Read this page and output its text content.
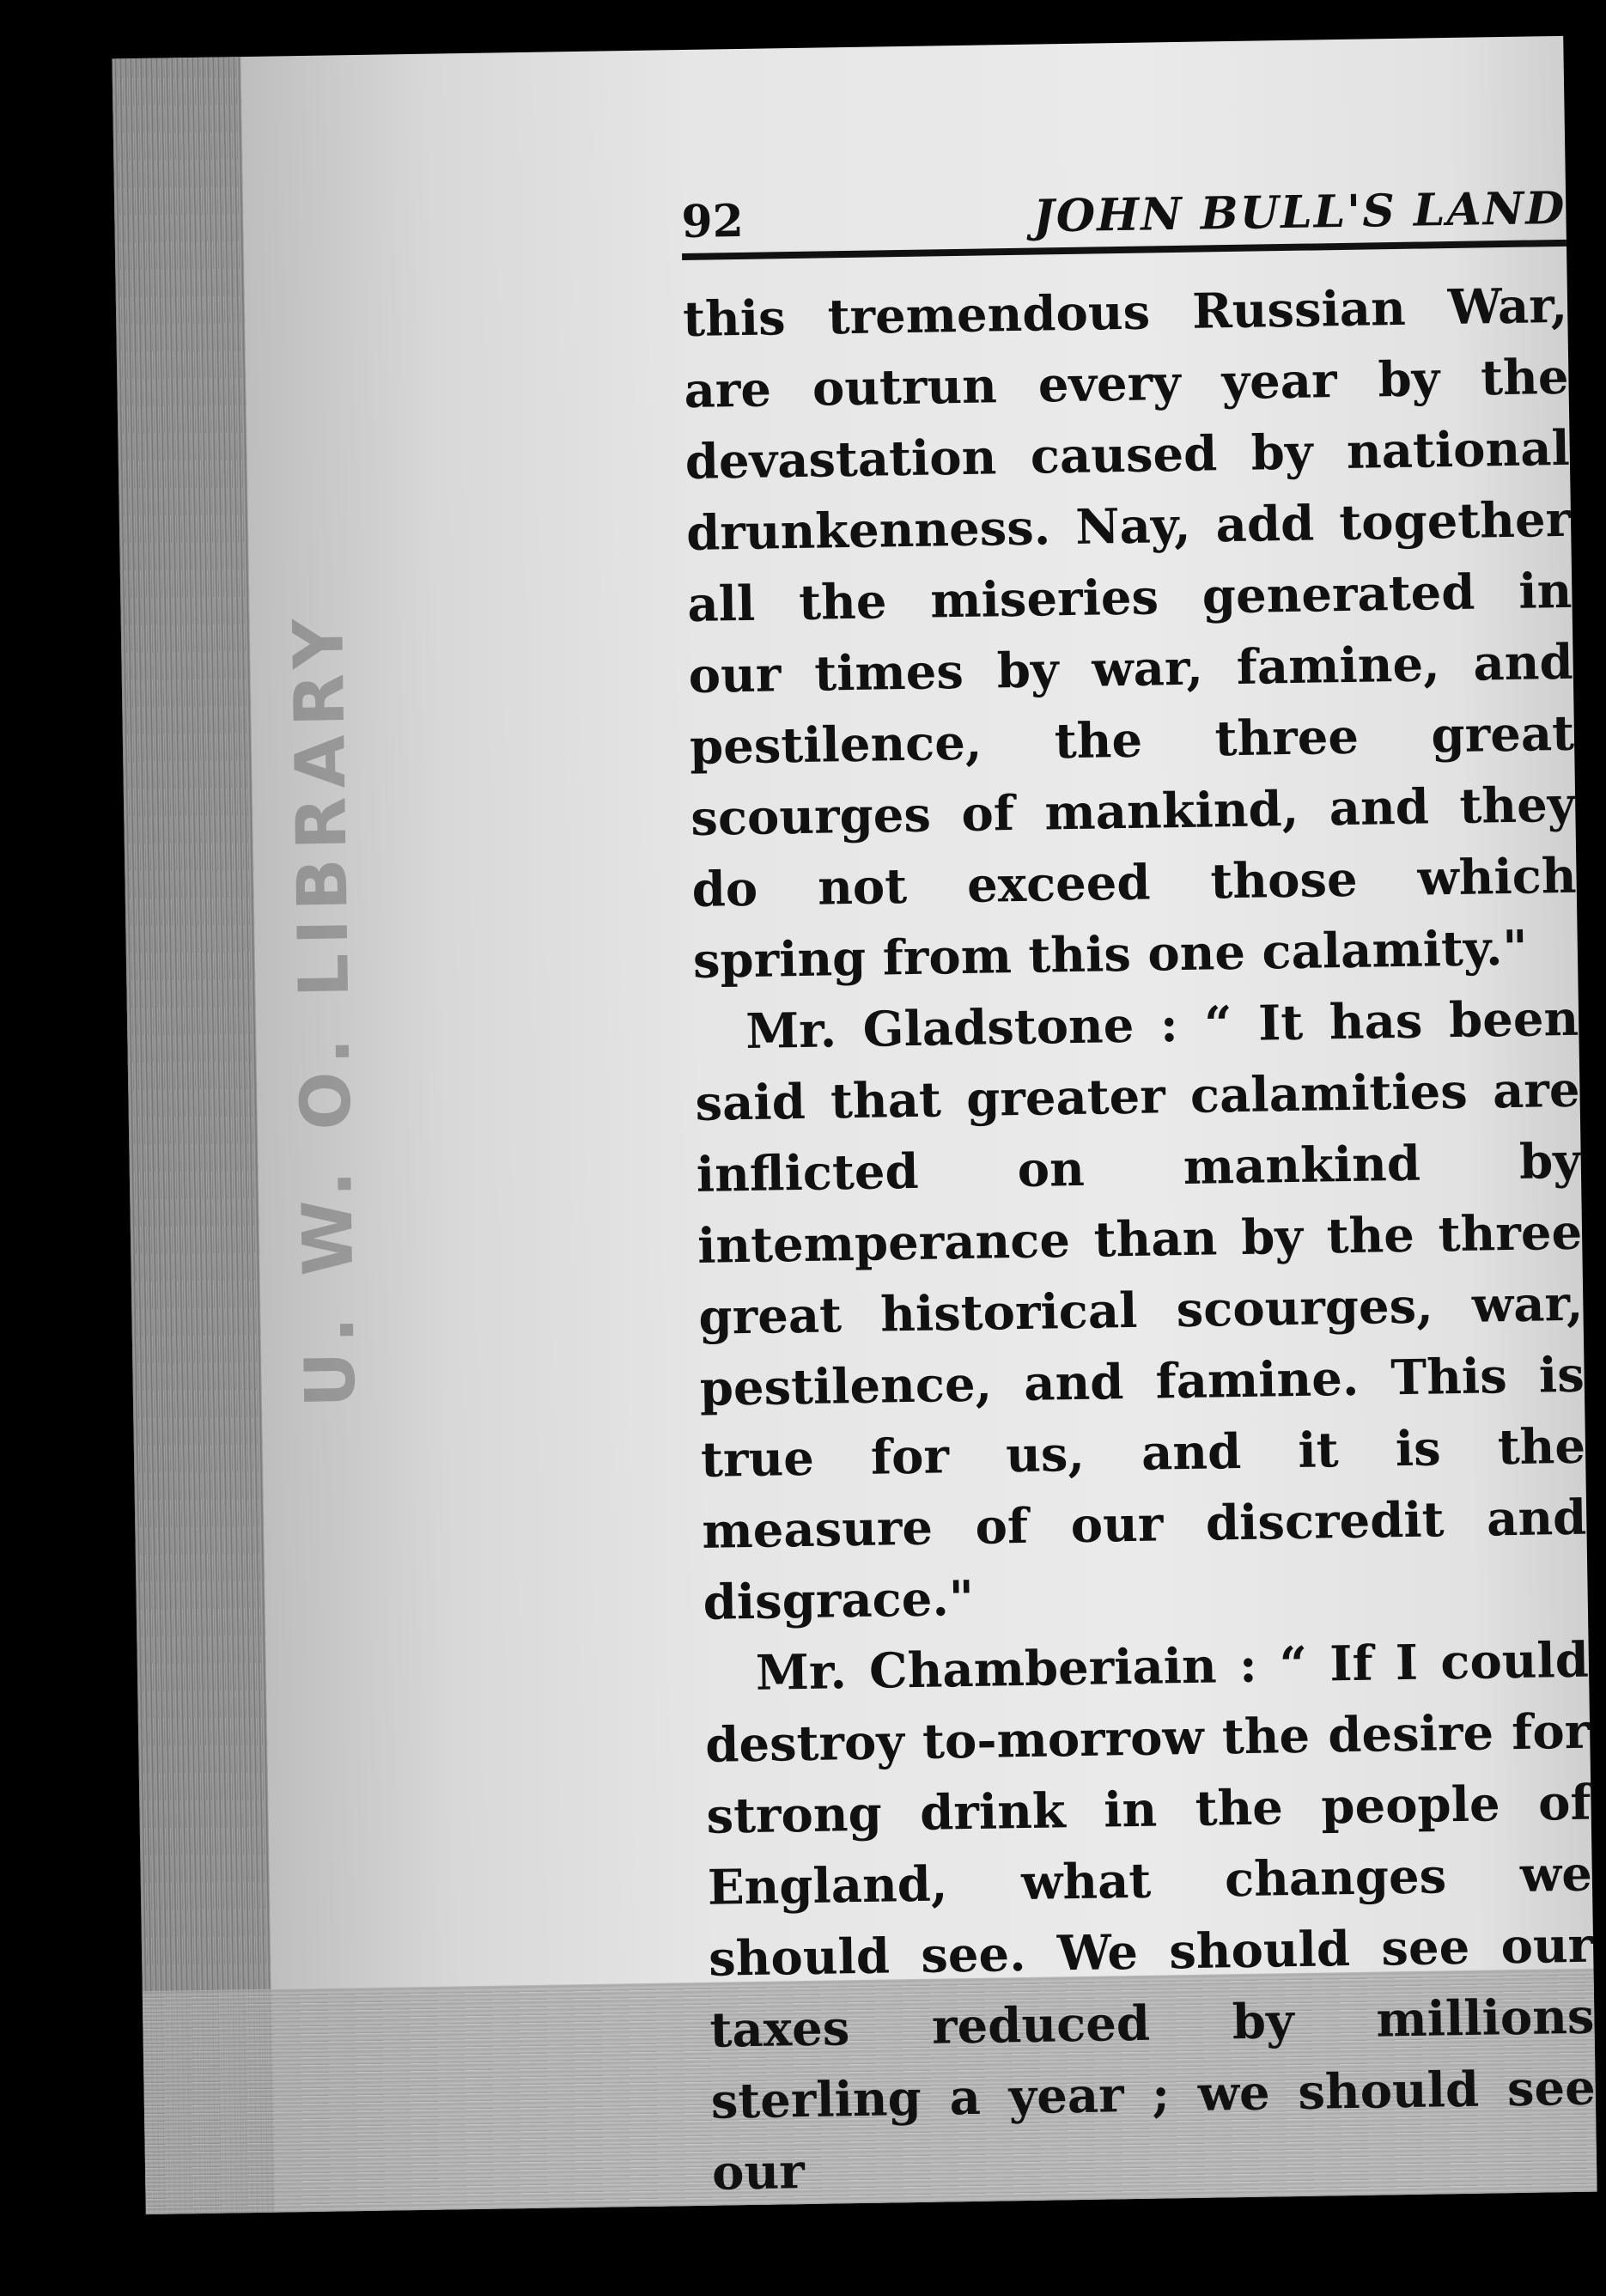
U. W. O. LIBRARY
92	JOHN BULL'S LAND

this tremendous Russian War, are outrun every year by the devastation caused by national drunkenness. Nay, add together all the miseries generated in our times by war, famine, and pestilence, the three great scourges of mankind, and they do not exceed those which spring from this one calamity."

Mr. Gladstone : “ It has been said that greater calamities are inflicted on mankind by intemperance than by the three great historical scourges, war, pestilence, and famine. This is true for us, and it is the measure of our discredit and disgrace."

Mr. Chamberiain : “ If I could destroy to-morrow the desire for strong drink in the people of England, what changes we should see. We should see our taxes reduced by millions sterling a year ; we should see our
